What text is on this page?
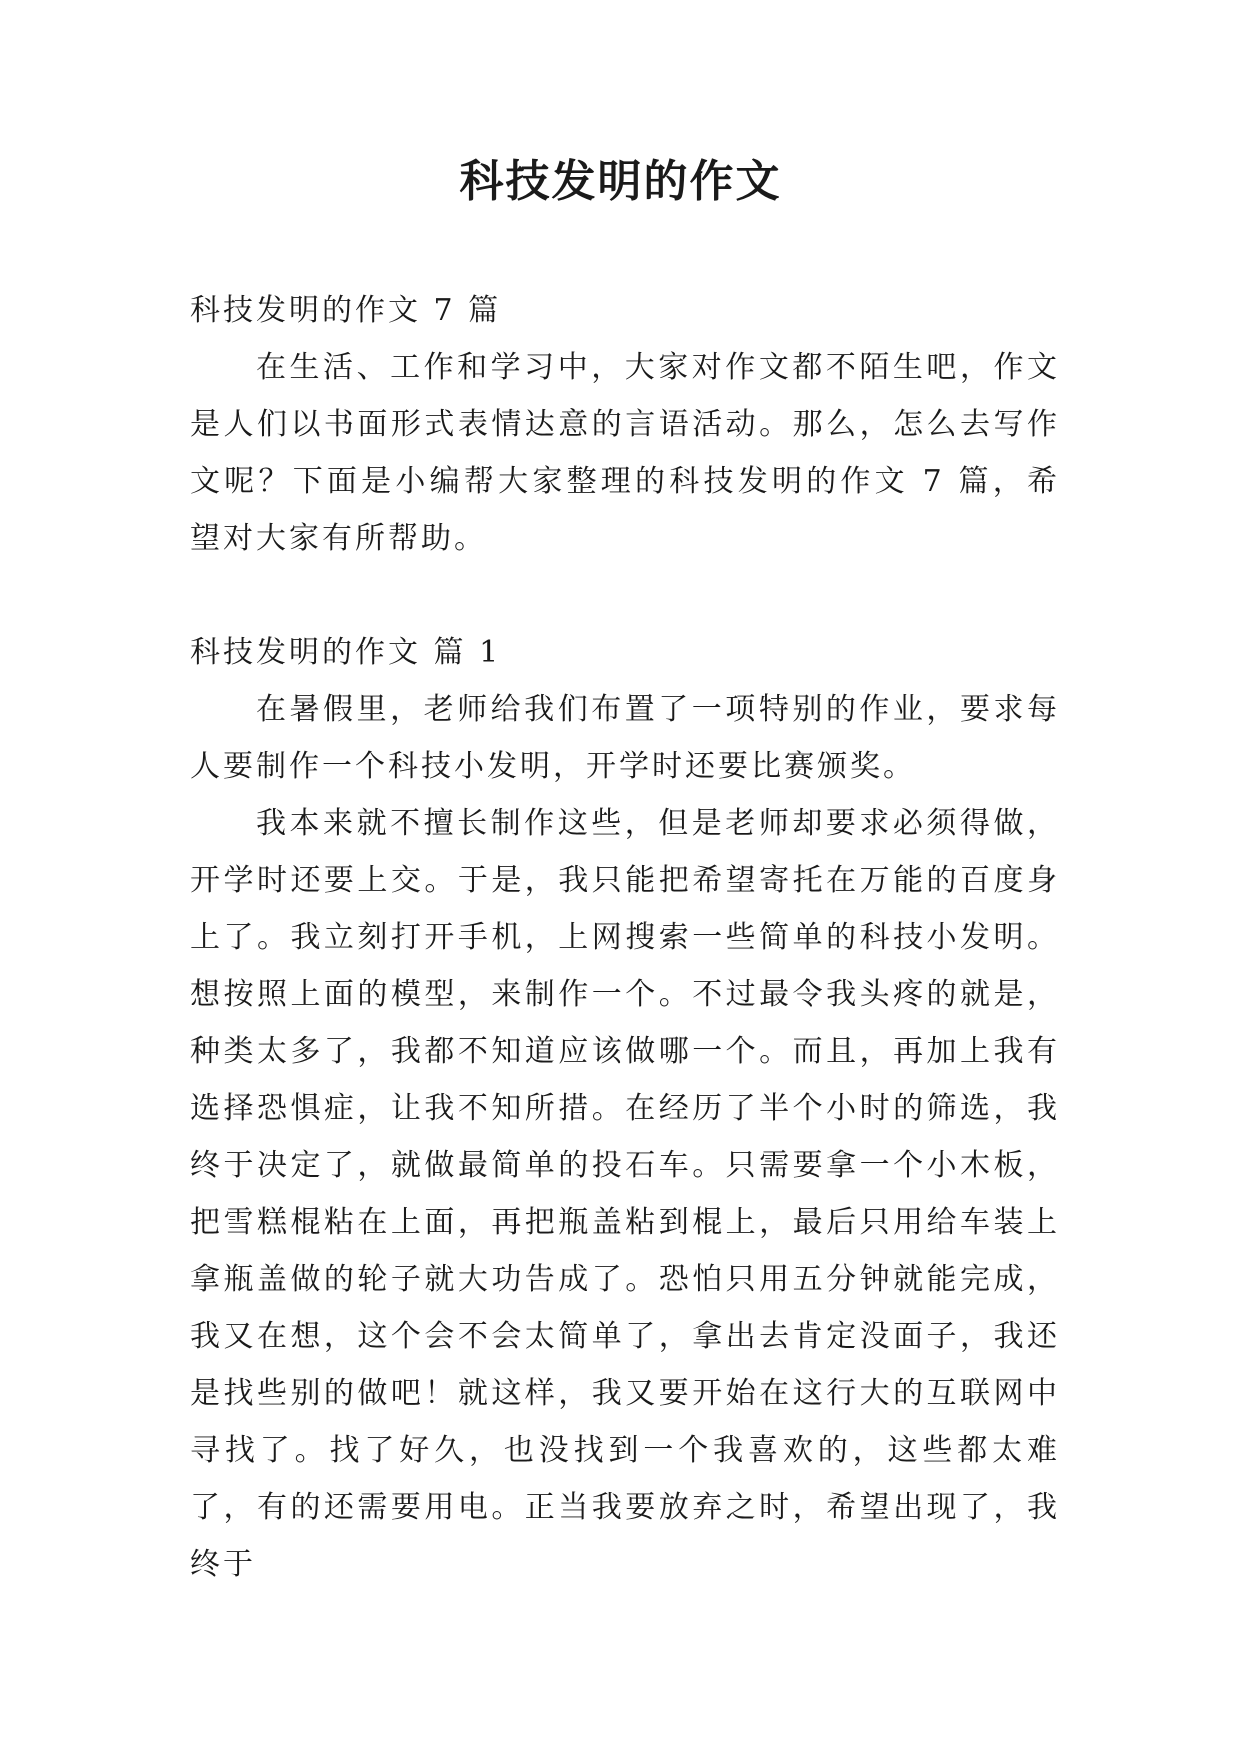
科技发明的作文

科技发明的作文 7 篇

在生活、工作和学习中，大家对作文都不陌生吧，作文是人们以书面形式表情达意的言语活动。那么，怎么去写作文呢？下面是小编帮大家整理的科技发明的作文 7 篇，希望对大家有所帮助。

科技发明的作文 篇 1

在暑假里，老师给我们布置了一项特别的作业，要求每人要制作一个科技小发明，开学时还要比赛颁奖。

我本来就不擅长制作这些，但是老师却要求必须得做，开学时还要上交。于是，我只能把希望寄托在万能的百度身上了。我立刻打开手机，上网搜索一些简单的科技小发明。想按照上面的模型，来制作一个。不过最令我头疼的就是，种类太多了，我都不知道应该做哪一个。而且，再加上我有选择恐惧症，让我不知所措。在经历了半个小时的筛选，我终于决定了，就做最简单的投石车。只需要拿一个小木板，把雪糕棍粘在上面，再把瓶盖粘到棍上，最后只用给车装上拿瓶盖做的轮子就大功告成了。恐怕只用五分钟就能完成，我又在想，这个会不会太简单了，拿出去肯定没面子，我还是找些别的做吧！就这样，我又要开始在这行大的互联网中寻找了。找了好久，也没找到一个我喜欢的，这些都太难了，有的还需要用电。正当我要放弃之时，希望出现了，我终于
